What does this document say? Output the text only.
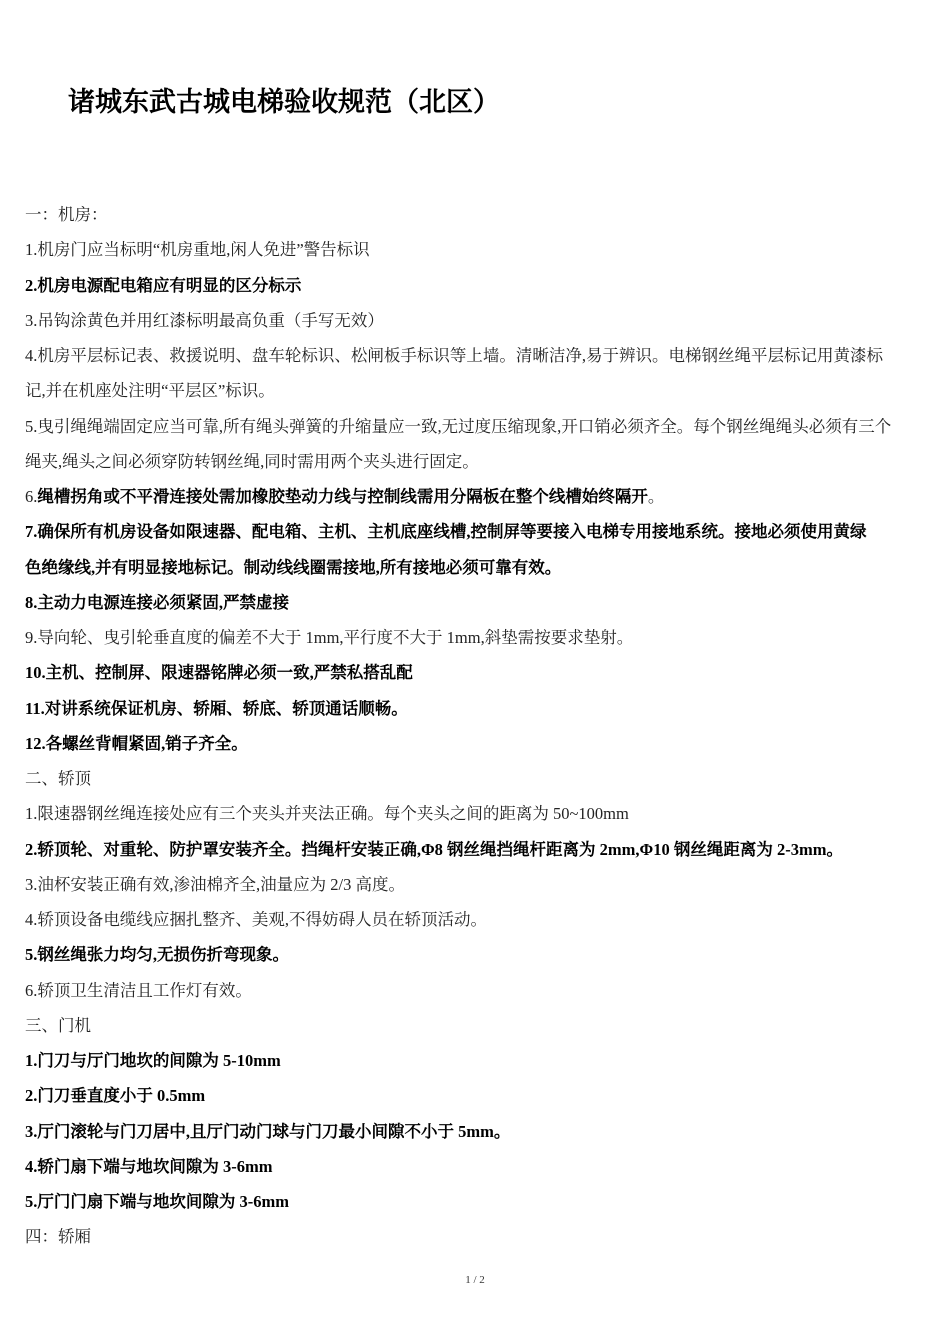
诸城东武古城电梯验收规范（北区）
一：机房：
1.机房门应当标明“机房重地,闲人免进”警告标识
2.机房电源配电箱应有明显的区分标示
3.吊钩涂黄色并用红漆标明最高负重（手写无效）
4.机房平层标记表、救援说明、盘车轮标识、松闸板手标识等上墙。清晰洁净,易于辨识。电梯钢丝绳平层标记用黄漆标
记,并在机座处注明“平层区”标识。
5.曳引绳绳端固定应当可靠,所有绳头弹簧的升缩量应一致,无过度压缩现象,开口销必须齐全。每个钢丝绳绳头必须有三个
绳夹,绳头之间必须穿防转钢丝绳,同时需用两个夹头进行固定。
6.绳槽拐角或不平滑连接处需加橡胶垫动力线与控制线需用分隔板在整个线槽始终隔开。
7.确保所有机房设备如限速器、配电箱、主机、主机底座线槽,控制屏等要接入电梯专用接地系统。接地必须使用黄绿
色绝缘线,并有明显接地标记。制动线线圈需接地,所有接地必须可靠有效。
8.主动力电源连接必须紧固,严禁虚接
9.导向轮、曳引轮垂直度的偏差不大于 1mm,平行度不大于 1mm,斜垫需按要求垫射。
10.主机、控制屏、限速器铭牌必须一致,严禁私搭乱配
11.对讲系统保证机房、轿厢、轿底、轿顶通话顺畅。
12.各螺丝背帽紧固,销子齐全。
二、轿顶
1.限速器钢丝绳连接处应有三个夹头并夹法正确。每个夹头之间的距离为 50~100mm
2.轿顶轮、对重轮、防护罩安装齐全。挡绳杆安装正确,Φ8 钢丝绳挡绳杆距离为 2mm,Φ10 钢丝绳距离为 2-3mm。
3.油杯安装正确有效,渗油棉齐全,油量应为 2/3 高度。
4.轿顶设备电缆线应捆扎整齐、美观,不得妨碍人员在轿顶活动。
5.钢丝绳张力均匀,无损伤折弯现象。
6.轿顶卫生清洁且工作灯有效。
三、门机
1.门刀与厅门地坎的间隙为 5-10mm
2.门刀垂直度小于 0.5mm
3.厅门滚轮与门刀居中,且厅门动门球与门刀最小间隙不小于 5mm。
4.轿门扇下端与地坎间隙为 3-6mm
5.厅门门扇下端与地坎间隙为 3-6mm
四：轿厢
1 / 2
